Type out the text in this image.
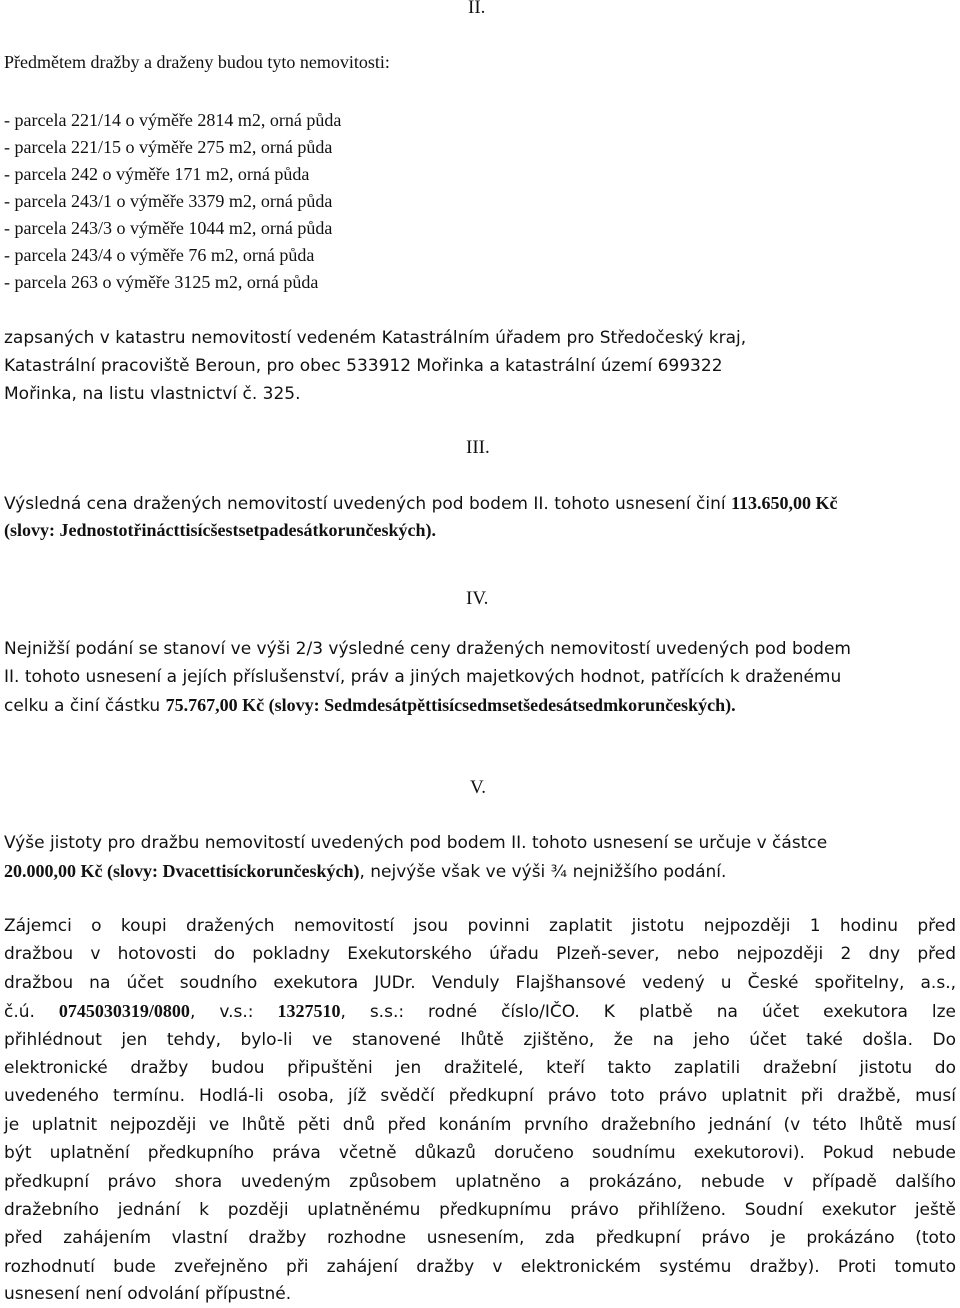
II.
Předmětem dražby a draženy budou tyto nemovitosti:
- parcela 221/14 o výměře 2814 m2, orná půda
- parcela 221/15 o výměře 275 m2, orná půda
- parcela 242 o výměře 171 m2, orná půda
- parcela 243/1 o výměře 3379 m2, orná půda
- parcela 243/3 o výměře 1044 m2, orná půda
- parcela 243/4 o výměře 76 m2, orná půda
- parcela 263 o výměře 3125 m2, orná půda
zapsaných v katastru nemovitostí vedeném Katastrálním úřadem pro Středočeský kraj,
Katastrální pracoviště Beroun, pro obec 533912 Mořinka a katastrální území 699322
Mořinka, na listu vlastnictví č. 325.
III.
Výsledná cena dražených nemovitostí uvedených pod bodem II. tohoto usnesení činí 113.650,00 Kč
(slovy: Jednostotřinácttisícšestsetpadesátkorunčeských).
IV.
Nejnižší podání se stanoví ve výši 2/3 výsledné ceny dražených nemovitostí uvedených pod bodem
II. tohoto usnesení a jejích příslušenství, práv a jiných majetkových hodnot, patřících k draženému
celku a činí částku 75.767,00 Kč (slovy: Sedmdesátpěttisícsedmsetšedesátsedmkorunčeských).
V.
Výše jistoty pro dražbu nemovitostí uvedených pod bodem II. tohoto usnesení se určuje v částce
20.000,00 Kč (slovy: Dvacettisíckorunčeských), nejvýše však ve výši ¾ nejnižšího podání.
Zájemci o koupi dražených nemovitostí jsou povinni zaplatit jistotu nejpozději 1 hodinu před
dražbou v hotovosti do pokladny Exekutorského úřadu Plzeň-sever, nebo nejpozději 2 dny před
dražbou na účet soudního exekutora JUDr. Venduly Flajšhansové vedený u České spořitelny, a.s.,
č.ú. 0745030319/0800, v.s.: 1327510, s.s.: rodné číslo/IČO. K platbě na účet exekutora lze
přihlédnout jen tehdy, bylo-li ve stanovené lhůtě zjištěno, že na jeho účet také došla. Do
elektronické dražby budou připuštěni jen dražitelé, kteří takto zaplatili dražební jistotu do
uvedeného termínu. Hodlá-li osoba, jíž svědčí předkupní právo toto právo uplatnit při dražbě, musí
je uplatnit nejpozději ve lhůtě pěti dnů před konáním prvního dražebního jednání (v této lhůtě musí
být uplatnění předkupního práva včetně důkazů doručeno soudnímu exekutorovi). Pokud nebude
předkupní právo shora uvedeným způsobem uplatněno a prokázáno, nebude v případě dalšího
dražebního jednání k později uplatněnému předkupnímu právo přihlíženo. Soudní exekutor ještě
před zahájením vlastní dražby rozhodne usnesením, zda předkupní právo je prokázáno (toto
rozhodnutí bude zveřejněno při zahájení dražby v elektronickém systému dražby). Proti tomuto
usnesení není odvolání přípustné.
